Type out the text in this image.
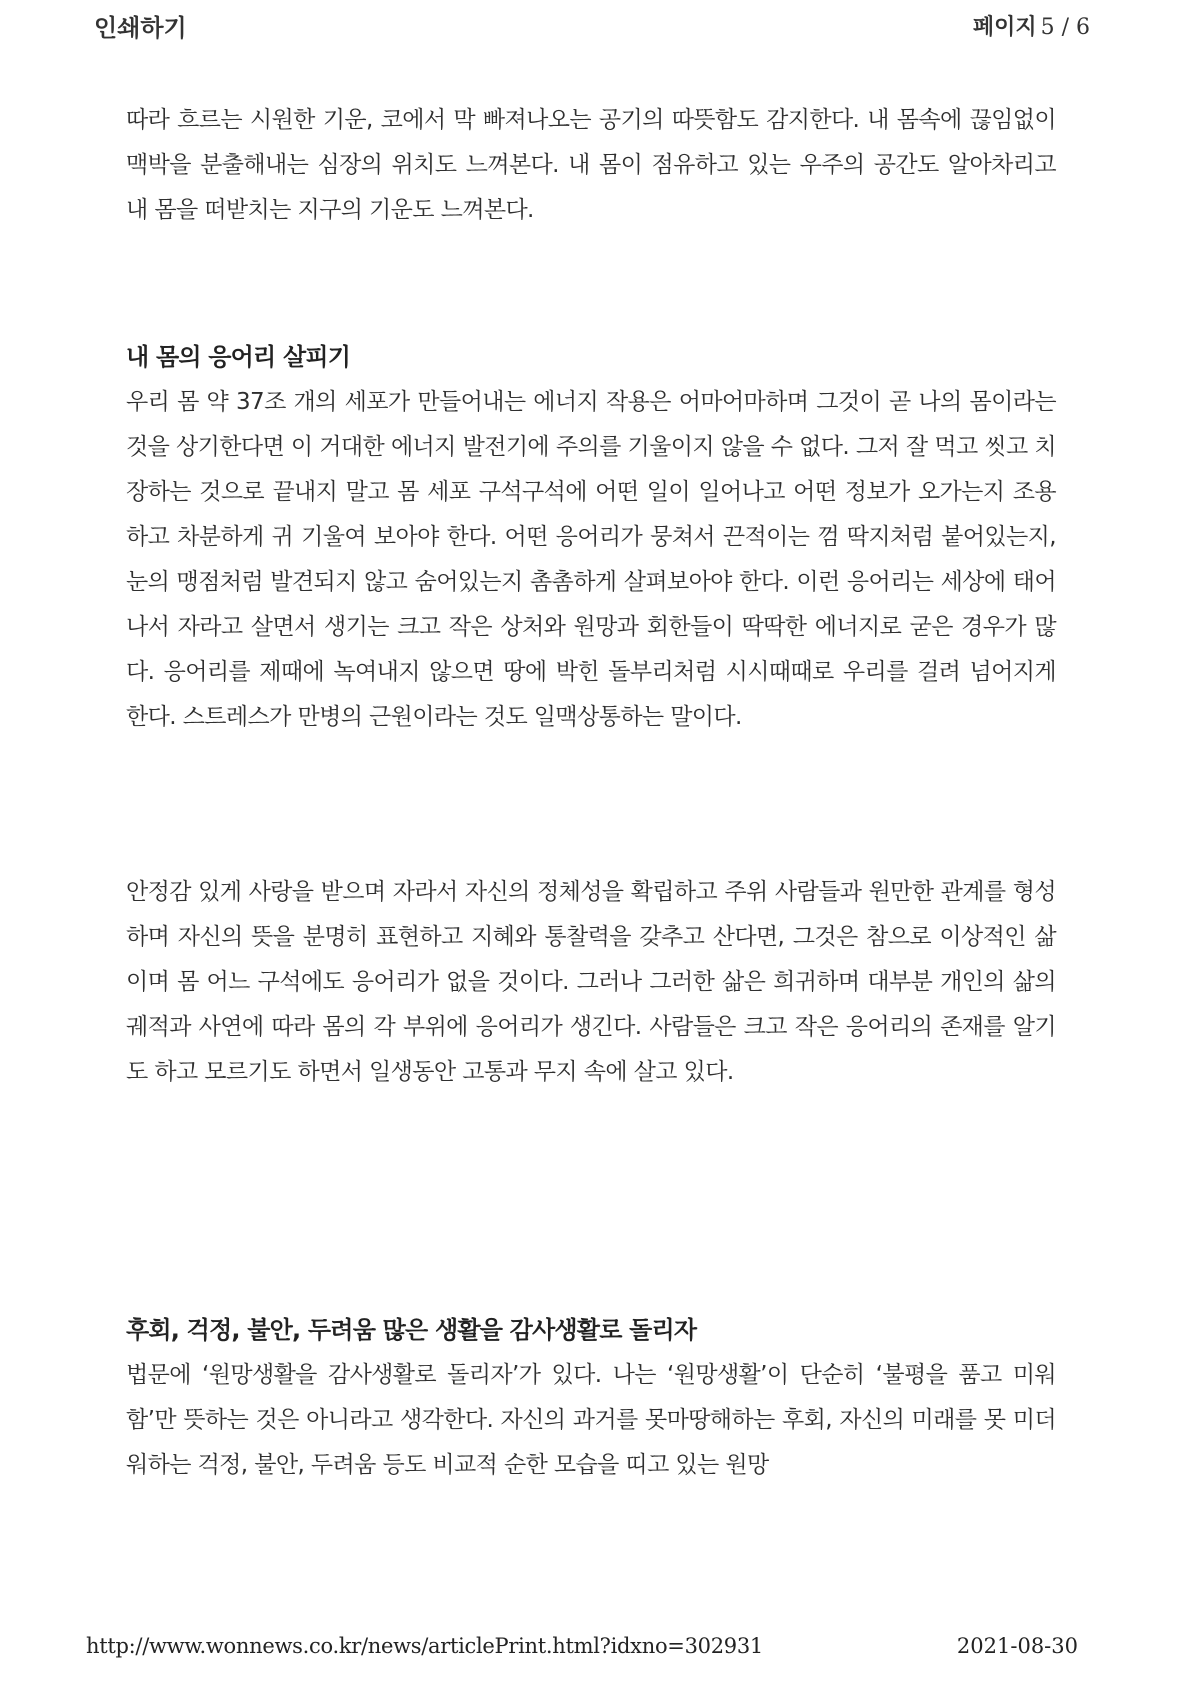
인쇄하기	페이지 5 / 6

따라 흐르는 시원한 기운, 코에서 막 빠져나오는 공기의 따뜻함도 감지한다. 내 몸속에 끊임없이 맥박을 분출해내는 심장의 위치도 느껴본다. 내 몸이 점유하고 있는 우주의 공간도 알아차리고 내 몸을 떠받치는 지구의 기운도 느껴본다.

내 몸의 응어리 살피기

우리 몸 약 37조 개의 세포가 만들어내는 에너지 작용은 어마어마하며 그것이 곧 나의 몸이라는 것을 상기한다면 이 거대한 에너지 발전기에 주의를 기울이지 않을 수 없다. 그저 잘 먹고 씻고 치장하는 것으로 끝내지 말고 몸 세포 구석구석에 어떤 일이 일어나고 어떤 정보가 오가는지 조용하고 차분하게 귀 기울여 보아야 한다. 어떤 응어리가 뭉쳐서 끈적이는 껌 딱지처럼 붙어있는지, 눈의 맹점처럼 발견되지 않고 숨어있는지 촘촘하게 살펴보아야 한다. 이런 응어리는 세상에 태어나서 자라고 살면서 생기는 크고 작은 상처와 원망과 회한들이 딱딱한 에너지로 굳은 경우가 많다. 응어리를 제때에 녹여내지 않으면 땅에 박힌 돌부리처럼 시시때때로 우리를 걸려 넘어지게 한다. 스트레스가 만병의 근원이라는 것도 일맥상통하는 말이다.

안정감 있게 사랑을 받으며 자라서 자신의 정체성을 확립하고 주위 사람들과 원만한 관계를 형성하며 자신의 뜻을 분명히 표현하고 지혜와 통찰력을 갖추고 산다면, 그것은 참으로 이상적인 삶이며 몸 어느 구석에도 응어리가 없을 것이다. 그러나 그러한 삶은 희귀하며 대부분 개인의 삶의 궤적과 사연에 따라 몸의 각 부위에 응어리가 생긴다. 사람들은 크고 작은 응어리의 존재를 알기도 하고 모르기도 하면서 일생동안 고통과 무지 속에 살고 있다.

후회, 걱정, 불안, 두려움 많은 생활을 감사생활로 돌리자

법문에 ‘원망생활을 감사생활로 돌리자’가 있다. 나는 ‘원망생활’이 단순히 ‘불평을 품고 미워함’만 뜻하는 것은 아니라고 생각한다. 자신의 과거를 못마땅해하는 후회, 자신의 미래를 못 미더워하는 걱정, 불안, 두려움 등도 비교적 순한 모습을 띠고 있는 원망

http://www.wonnews.co.kr/news/articlePrint.html?idxno=302931	2021-08-30
